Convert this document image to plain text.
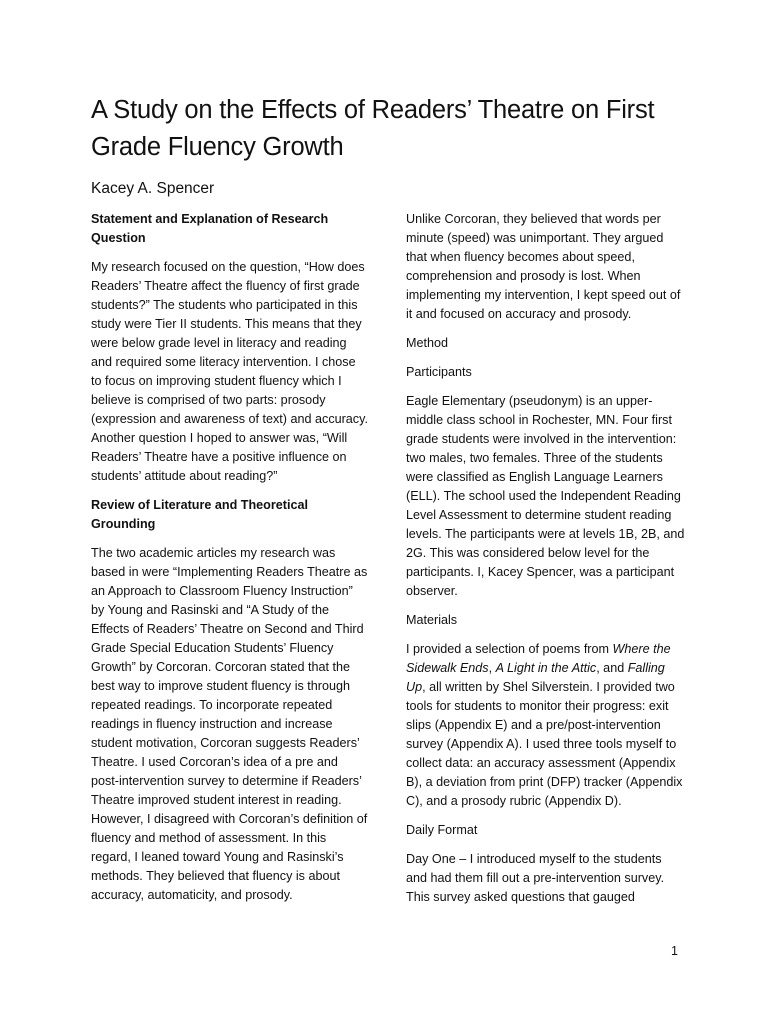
A Study on the Effects of Readers’ Theatre on First Grade Fluency Growth
Kacey A. Spencer
Statement and Explanation of Research Question

My research focused on the question, “How does Readers’ Theatre affect the fluency of first grade students?” The students who participated in this study were Tier II students. This means that they were below grade level in literacy and reading and required some literacy intervention. I chose to focus on improving student fluency which I believe is comprised of two parts: prosody (expression and awareness of text) and accuracy. Another question I hoped to answer was, “Will Readers’ Theatre have a positive influence on students’ attitude about reading?”

Review of Literature and Theoretical Grounding

The two academic articles my research was based in were “Implementing Readers Theatre as an Approach to Classroom Fluency Instruction” by Young and Rasinski and “A Study of the Effects of Readers’ Theatre on Second and Third Grade Special Education Students’ Fluency Growth” by Corcoran. Corcoran stated that the best way to improve student fluency is through repeated readings. To incorporate repeated readings in fluency instruction and increase student motivation, Corcoran suggests Readers’ Theatre. I used Corcoran’s idea of a pre and post-intervention survey to determine if Readers’ Theatre improved student interest in reading. However, I disagreed with Corcoran’s definition of fluency and method of assessment. In this regard, I leaned toward Young and Rasinski’s methods. They believed that fluency is about accuracy, automaticity, and prosody.

Unlike Corcoran, they believed that words per minute (speed) was unimportant. They argued that when fluency becomes about speed, comprehension and prosody is lost. When implementing my intervention, I kept speed out of it and focused on accuracy and prosody.

Method
Participants

Eagle Elementary (pseudonym) is an upper-middle class school in Rochester, MN. Four first grade students were involved in the intervention: two males, two females. Three of the students were classified as English Language Learners (ELL). The school used the Independent Reading Level Assessment to determine student reading levels. The participants were at levels 1B, 2B, and 2G. This was considered below level for the participants. I, Kacey Spencer, was a participant observer.

Materials

I provided a selection of poems from Where the Sidewalk Ends, A Light in the Attic, and Falling Up, all written by Shel Silverstein. I provided two tools for students to monitor their progress: exit slips (Appendix E) and a pre/post-intervention survey (Appendix A). I used three tools myself to collect data: an accuracy assessment (Appendix B), a deviation from print (DFP) tracker (Appendix C), and a prosody rubric (Appendix D).

Daily Format

Day One – I introduced myself to the students and had them fill out a pre-intervention survey. This survey asked questions that gauged

1
